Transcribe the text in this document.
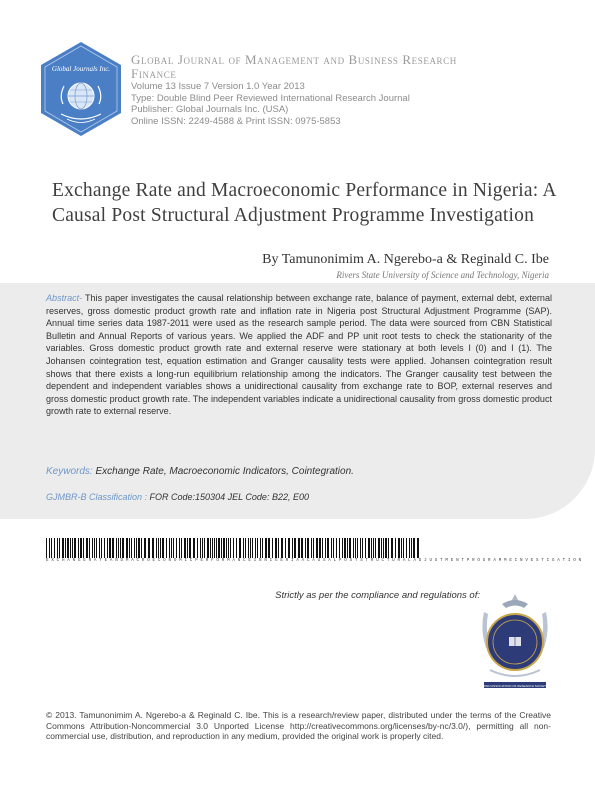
Global Journals Inc.
Global Journal of Management and Business Research
Finance
Volume 13 Issue 7 Version 1.0 Year 2013
Type: Double Blind Peer Reviewed International Research Journal
Publisher: Global Journals Inc. (USA)
Online ISSN: 2249-4588 & Print ISSN: 0975-5853
Exchange Rate and Macroeconomic Performance in Nigeria: A
Causal Post Structural Adjustment Programme Investigation
By Tamunonimim A. Ngerebo-a & Reginald C. Ibe
Rivers State University of Science and Technology, Nigeria
Abstract- This paper investigates the causal relationship between exchange rate, balance of payment, external debt, external reserves, gross domestic product growth rate and inflation rate in Nigeria post Structural Adjustment Programme (SAP). Annual time series data 1987-2011 were used as the research sample period. The data were sourced from CBN Statistical Bulletin and Annual Reports of various years. We applied the ADF and PP unit root tests to check the stationarity of the variables. Gross domestic product growth rate and external reserve were stationary at both levels I (0) and I (1). The Johansen cointegration test, equation estimation and Granger causality tests were applied. Johansen cointegration result shows that there exists a long-run equilibrium relationship among the indicators. The Granger causality test between the dependent and independent variables shows a unidirectional causality from exchange rate to BOP, external reserves and gross domestic product growth rate. The independent variables indicate a unidirectional causality from gross domestic product growth rate to external reserve.
Keywords: Exchange Rate, Macroeconomic Indicators, Cointegration.
GJMBR-B Classification : FOR Code:150304 JEL Code: B22, E00
E X C H A N G E R A T E A N D M A C R O E C O N O M I C P E R F O R M A N C E I N N I G E R I A A C A U S A L P O S T S T R U C T U R A L A D J U S T M E N T P R O G R A M M E I N V E S T I G A T I O N
Strictly as per the compliance and regulations of:
OPEN ASSOCIATION OF RESEARCH SOCIETY
© 2013. Tamunonimim A. Ngerebo-a & Reginald C. Ibe. This is a research/review paper, distributed under the terms of the Creative Commons Attribution-Noncommercial 3.0 Unported License http://creativecommons.org/licenses/by-nc/3.0/), permitting all non-commercial use, distribution, and reproduction in any medium, provided the original work is properly cited.
